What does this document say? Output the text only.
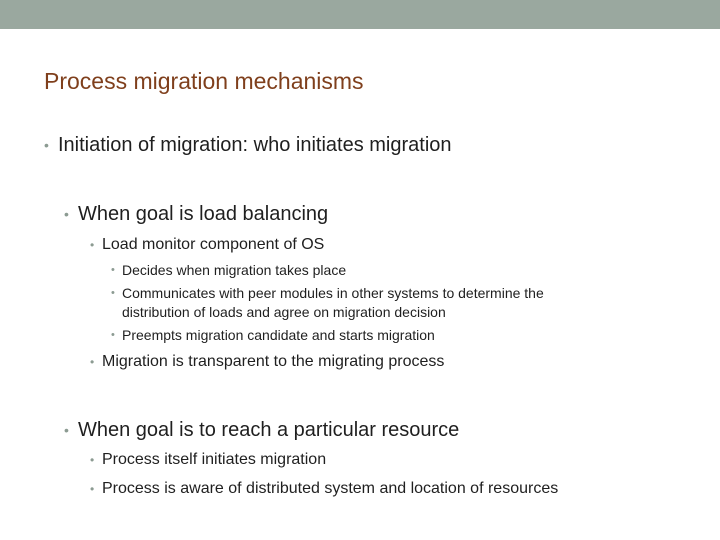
Process migration mechanisms
• Initiation of migration: who initiates migration
• When goal is load balancing
• Load monitor component of OS
• Decides when migration takes place
• Communicates with peer modules in other systems to determine the
distribution of loads and agree on migration decision
• Preempts migration candidate and starts migration
• Migration is transparent to the migrating process
• When goal is to reach a particular resource
• Process itself initiates migration
• Process is aware of distributed system and location of resources
